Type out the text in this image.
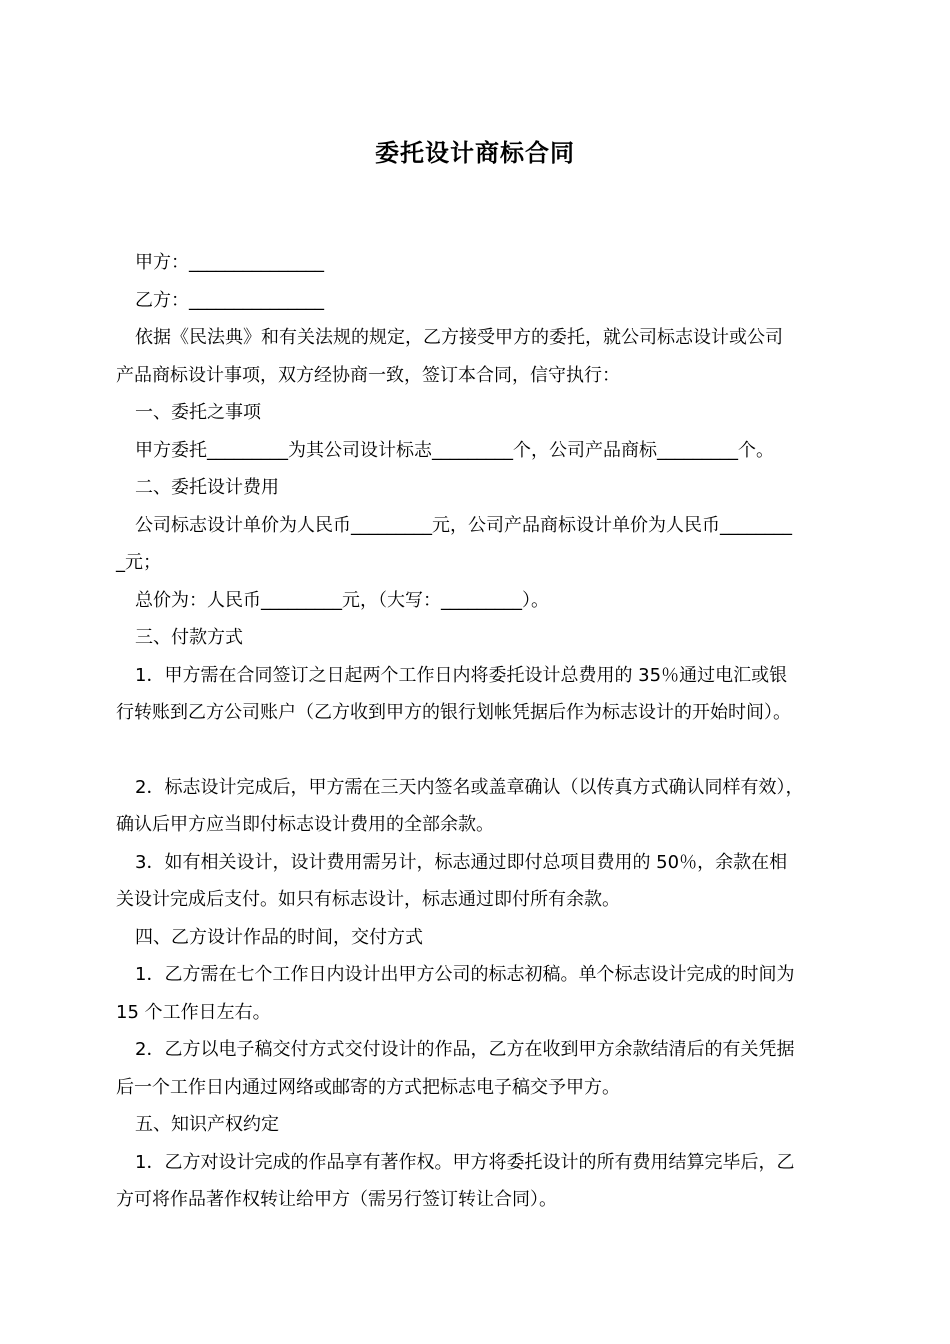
委托设计商标合同

甲方：_______________

乙方：_______________

依据《民法典》和有关法规的规定，乙方接受甲方的委托，就公司标志设计或公司

产品商标设计事项，双方经协商一致，签订本合同，信守执行：

一、委托之事项

甲方委托_________为其公司设计标志_________个，公司产品商标_________个。

二、委托设计费用

公司标志设计单价为人民币_________元，公司产品商标设计单价为人民币________

_元；

总价为：人民币_________元，（大写：_________）。

三、付款方式

1．甲方需在合同签订之日起两个工作日内将委托设计总费用的 35％通过电汇或银

行转账到乙方公司账户（乙方收到甲方的银行划帐凭据后作为标志设计的开始时间）。

2．标志设计完成后，甲方需在三天内签名或盖章确认（以传真方式确认同样有效），

确认后甲方应当即付标志设计费用的全部余款。

3．如有相关设计，设计费用需另计，标志通过即付总项目费用的 50％，余款在相

关设计完成后支付。如只有标志设计，标志通过即付所有余款。

四、乙方设计作品的时间，交付方式

1．乙方需在七个工作日内设计出甲方公司的标志初稿。单个标志设计完成的时间为

15 个工作日左右。

2．乙方以电子稿交付方式交付设计的作品，乙方在收到甲方余款结清后的有关凭据

后一个工作日内通过网络或邮寄的方式把标志电子稿交予甲方。

五、知识产权约定

1．乙方对设计完成的作品享有著作权。甲方将委托设计的所有费用结算完毕后，乙

方可将作品著作权转让给甲方（需另行签订转让合同）。
